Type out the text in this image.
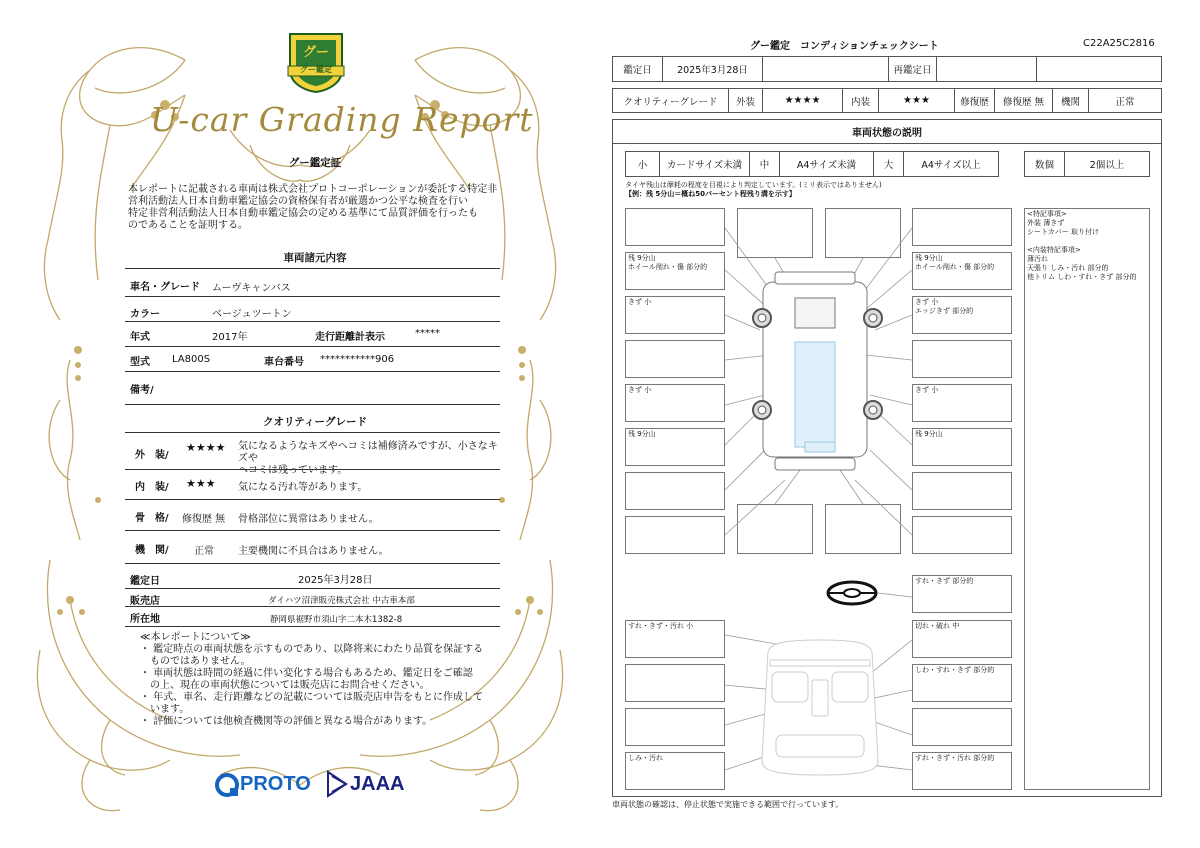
グー
グー鑑定
U-car Grading Report
グー鑑定証
本レポートに記載される車両は株式会社プロトコーポレーションが委託する特定非
営利活動法人日本自動車鑑定協会の資格保有者が厳選かつ公平な検査を行い
特定非営利活動法人日本自動車鑑定協会の定める基準にて品質評価を行ったも
のであることを証明する。
車両諸元内容
車名・グレード ムーヴキャンバス
カラー	ベージュツートン
年式	2017年	走行距離計表示	*****
型式 LA800S	車台番号 ***********906
備考/
クオリティーグレード
外　装/
★★★★ 気になるようなキズやヘコミは補修済みですが、小さなキズや
ヘコミは残っています。
内　装/ ★★★ 気になる汚れ等があります。
骨　格/ 修復歴 無 骨格部位に異常はありません。
機　関/	正常 主要機関に不具合はありません。
鑑定日	2025年3月28日
販売店	ダイハツ沼津販売株式会社 中古車本部
所在地	静岡県裾野市須山字二本木1382-8
≪本レポートについて≫
・ 鑑定時点の車両状態を示すものであり、以降将来にわたり品質を保証する
　ものではありません。
・ 車両状態は時間の経過に伴い変化する場合もあるため、鑑定日をご確認
　の上、現在の車両状態については販売店にお問合せください。
・ 年式、車名、走行距離などの記載については販売店申告をもとに作成して
　います。
・ 評価については他検査機関等の評価と異なる場合があります。
PROTO JAAA
グー鑑定　コンディションチェックシート	C22A25C2816
鑑定日	2025年3月28日	再鑑定日
クオリティーグレード	外装	★★★★	内装	★★★	修復歴	修復歴 無	機関	正常
車両状態の説明
小	カードサイズ未満	中	A4サイズ未満	大	A4サイズ以上	数個	2個以上
タイヤ残山は摩耗の程度を目視により判定しています。(ミリ表示ではありません)
【例：残 5分山＝概ね50パーセント程残り溝を示す】
<特記事項>
外装 薄きず
シートカバー 取り付け
<内装特記事項>
薄汚れ
天張り しみ・汚れ 部分的
他トリム しわ・すれ・きず 部分的
残 9分山
ホイール削れ・傷 部分的
残 9分山
ホイール削れ・傷 部分的
きず 小	きず 小
エッジきず 部分的
きず 小	きず 小
残 9分山	残 9分山
すれ・きず 部分的
すれ・きず・汚れ 小	切れ・破れ 中
しわ・すれ・きず 部分的
しみ・汚れ	すれ・きず・汚れ 部分的
車両状態の確認は、停止状態で実施できる範囲で行っています。
